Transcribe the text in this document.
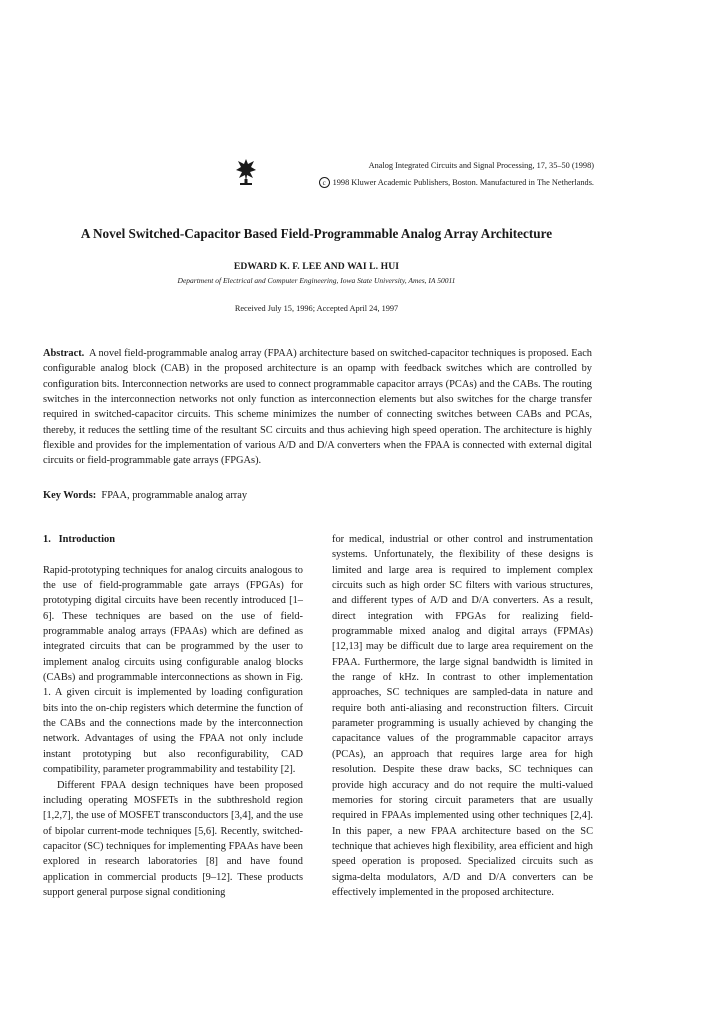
Analog Integrated Circuits and Signal Processing, 17, 35–50 (1998)
c 1998 Kluwer Academic Publishers, Boston. Manufactured in The Netherlands.
A Novel Switched-Capacitor Based Field-Programmable Analog Array Architecture
EDWARD K. F. LEE AND WAI L. HUI
Department of Electrical and Computer Engineering, Iowa State University, Ames, IA 50011
Received July 15, 1996; Accepted April 24, 1997
Abstract. A novel field-programmable analog array (FPAA) architecture based on switched-capacitor techniques is proposed. Each configurable analog block (CAB) in the proposed architecture is an opamp with feedback switches which are controlled by configuration bits. Interconnection networks are used to connect programmable capacitor arrays (PCAs) and the CABs. The routing switches in the interconnection networks not only function as interconnection elements but also switches for the charge transfer required in switched-capacitor circuits. This scheme minimizes the number of connecting switches between CABs and PCAs, thereby, it reduces the settling time of the resultant SC circuits and thus achieving high speed operation. The architecture is highly flexible and provides for the implementation of various A/D and D/A converters when the FPAA is connected with external digital circuits or field-programmable gate arrays (FPGAs).
Key Words: FPAA, programmable analog array

1.   Introduction

Rapid-prototyping techniques for analog circuits analogous to the use of field-programmable gate arrays (FPGAs) for prototyping digital circuits have been recently introduced [1–6]. These techniques are based on the use of field-programmable analog arrays (FPAAs) which are defined as integrated circuits that can be programmed by the user to implement analog circuits using configurable analog blocks (CABs) and programmable interconnections as shown in Fig. 1. A given circuit is implemented by loading configuration bits into the on-chip registers which determine the function of the CABs and the connections made by the interconnection network. Advantages of using the FPAA not only include instant prototyping but also reconfigurability, CAD compatibility, parameter programmability and testability [2].

Different FPAA design techniques have been proposed including operating MOSFETs in the subthreshold region [1,2,7], the use of MOSFET transconductors [3,4], and the use of bipolar current-mode techniques [5,6]. Recently, switched-capacitor (SC) techniques for implementing FPAAs have been explored in research laboratories [8] and have found application in commercial products [9–12]. These products support general purpose signal conditioning

for medical, industrial or other control and instrumentation systems. Unfortunately, the flexibility of these designs is limited and large area is required to implement complex circuits such as high order SC filters with various structures, and different types of A/D and D/A converters. As a result, direct integration with FPGAs for realizing field-programmable mixed analog and digital arrays (FPMAs) [12,13] may be difficult due to large area requirement on the FPAA. Furthermore, the large signal bandwidth is limited in the range of kHz. In contrast to other implementation approaches, SC techniques are sampled-data in nature and require both anti-aliasing and reconstruction filters. Circuit parameter programming is usually achieved by changing the capacitance values of the programmable capacitor arrays (PCAs), an approach that requires large area for high resolution. Despite these draw backs, SC techniques can provide high accuracy and do not require the multi-valued memories for storing circuit parameters that are usually required in FPAAs implemented using other techniques [2,4]. In this paper, a new FPAA architecture based on the SC technique that achieves high flexibility, area efficient and high speed operation is proposed. Specialized circuits such as sigma-delta modulators, A/D and D/A converters can be effectively implemented in the proposed architecture.
